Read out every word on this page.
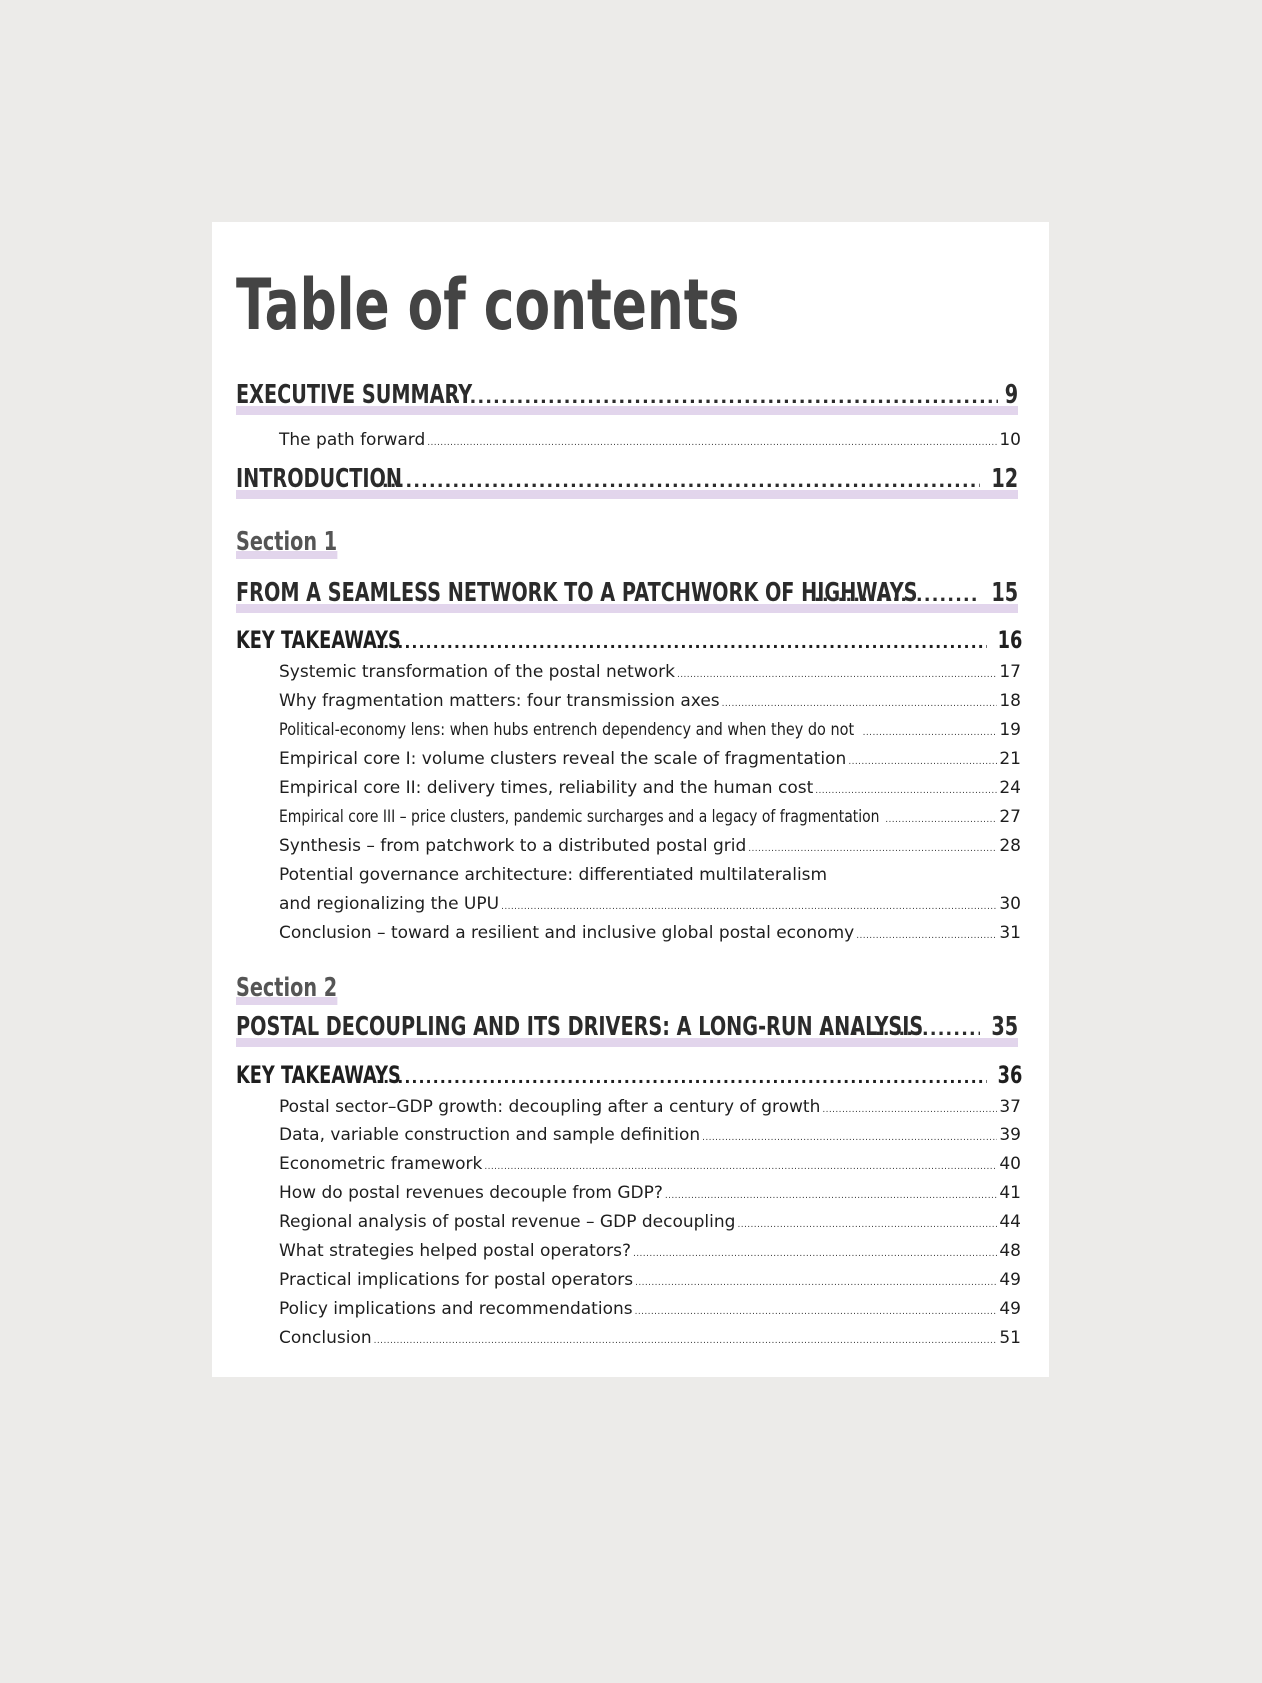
Table of contents
EXECUTIVE SUMMARY .....	9
The path forward .....	10
INTRODUCTION .....	12
Section 1
FROM A SEAMLESS NETWORK TO A PATCHWORK OF HIGHWAYS .....	15
KEY TAKEAWAYS .....	16
Systemic transformation of the postal network .....	17
Why fragmentation matters: four transmission axes .....	18
Political-economy lens: when hubs entrench dependency and when they do not .....	19
Empirical core I: volume clusters reveal the scale of fragmentation .....	21
Empirical core II: delivery times, reliability and the human cost .....	24
Empirical core III – price clusters, pandemic surcharges and a legacy of fragmentation .....	27
Synthesis – from patchwork to a distributed postal grid .....	28
Potential governance architecture: differentiated multilateralism
and regionalizing the UPU .....	30
Conclusion – toward a resilient and inclusive global postal economy .....	31
Section 2
POSTAL DECOUPLING AND ITS DRIVERS: A LONG-RUN ANALYSIS .....	35
KEY TAKEAWAYS .....	36
Postal sector–GDP growth: decoupling after a century of growth .....	37
Data, variable construction and sample definition .....	39
Econometric framework .....	40
How do postal revenues decouple from GDP? .....	41
Regional analysis of postal revenue – GDP decoupling .....	44
What strategies helped postal operators? .....	48
Practical implications for postal operators .....	49
Policy implications and recommendations .....	49
Conclusion .....	51
